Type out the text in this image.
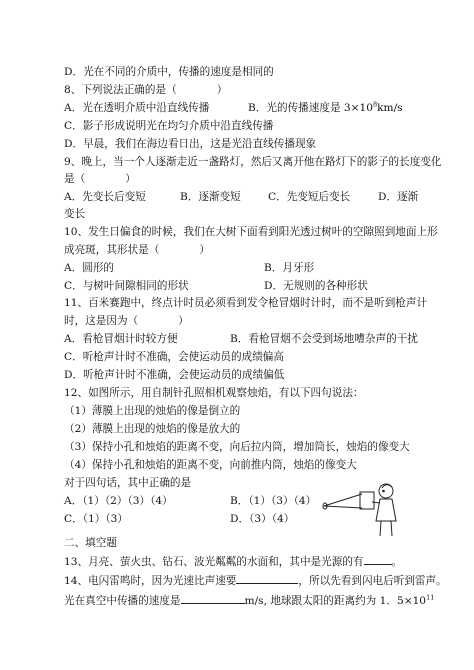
D．光在不同的介质中，传播的速度是相同的
8、下列说法正确的是（	）
A．光在透明介质中沿直线传播	B．光的传播速度是 $3\times 10^8km/s$
C．影子形成说明光在均匀介质中沿直线传播
D．早晨，我们在海边看日出，这是光沿直线传播现象
9、晚上，当一个人逐渐走近一盏路灯，然后又离开他在路灯下的影子的长度变化
是（	）
A．先变长后变短	B．逐渐变短	C．先变短后变长	D．逐渐
变长
10、发生日偏食的时候，我们在大树下面看到阳光透过树叶的空隙照到地面上形
成亮斑，其形状是（	）
A．圆形的	B．月牙形
C．与树叶间隙相同的形状	D．无规则的各种形状
11、百米赛跑中，终点计时员必须看到发令枪冒烟时计时，而不是听到枪声计
时，这是因为（	）
A．看枪冒烟计时较方便	B．看枪冒烟不会受到场地嘈杂声的干扰
C．听枪声计时不准确，会使运动员的成绩偏高
D．听枪声计时不准确，会使运动员的成绩偏低
12、如图所示，用自制针孔照相机观察烛焰，有以下四句说法：
（1）薄膜上出现的烛焰的像是倒立的
（2）薄膜上出现的烛焰的像是放大的
（3）保持小孔和烛焰的距离不变，向后拉内筒，增加筒长，烛焰的像变大
（4）保持小孔和烛焰的距离不变，向前推内筒，烛焰的像变大
对于四句话，其中正确的是
A．（1）（2）（3）（4）	B．（1）（3）（4）
C．（1）（3）	D．（3）（4）
二、填空题
13、月亮、萤火虫、钻石、波光粼粼的水面和，其中是光源的有	。
14、电闪雷鸣时，因为光速比声速要	，所以先看到闪电后听到雷声。
光在真空中传播的速度是	m/s, 地球跟太阳的距离约为 1．$5\times 10^{11}$
